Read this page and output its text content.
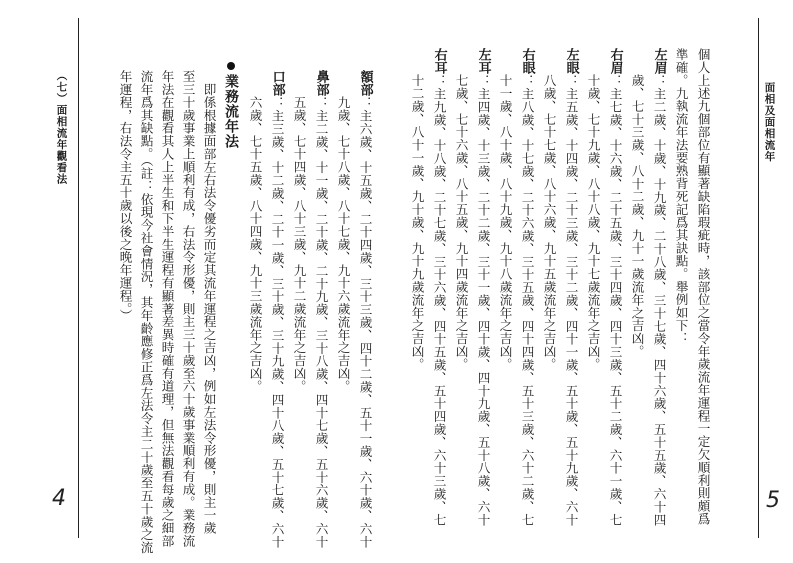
面相及面相流年
5
個人上述九個部位有顯著缺陷瑕疵時，該部位之當令年歲流年運程一定欠順利則頗爲
準確。九執流年法要熟背死記爲其訣點。舉例如下：
左眉：主二歲、十歲、十九歲、二十八歲、三十七歲、四十六歲、五十五歲、六十四
歲、七十三歲、八十二歲、九十一歲流年之吉凶。
右眉：主七歲、十六歲、二十五歲、三十四歲、四十三歲、五十二歲、六十一歲、七
十歲、七十九歲、八十八歲、九十七歲流年之吉凶。
左眼：主五歲、十四歲、二十三歲、三十二歲、四十一歲、五十歲、五十九歲、六十
八歲、七十七歲、八十六歲、九十五歲流年之吉凶。
右眼：主八歲、十七歲、二十六歲、三十五歲、四十四歲、五十三歲、六十二歲、七
十一歲、八十歲、八十九歲、九十八歲流年之吉凶。
左耳：主四歲、十三歲、二十二歲、三十一歲、四十歲、四十九歲、五十八歲、六十
七歲、七十六歲、八十五歲、九十四歲流年之吉凶。
右耳：主九歲、十八歲、二十七歲、三十六歲、四十五歲、五十四歲、六十三歲、七
十二歲、八十一歲、九十歲、九十九歲流年之吉凶。
（七）面相流年觀看法
4
額部：主六歲、十五歲、二十四歲、三十三歲、四十二歲、五十一歲、六十歲、六十
九歲、七十八歲、八十七歲、九十六歲流年之吉凶。
鼻部：主二歲、十一歲、二十歲、二十九歲、三十八歲、四十七歲、五十六歲、六十
五歲、七十四歲、八十三歲、九十二歲流年之吉凶。
口部：主三歲、十二歲、二十一歲、三十歲、三十九歲、四十八歲、五十七歲、六十
六歲、七十五歲、八十四歲、九十三歲流年之吉凶。
業務流年法
　即係根據面部左右法令優劣而定其流年運程之吉凶，例如左法令形優，則主一歲
至三十歲事業上順利有成，右法令形優，則主三十歲至六十歲事業順利有成。業務流
年法在觀看其人上半生和下半生運程有顯著差異時確有道理，但無法觀看每歲之細部
流年爲其缺點。（註：依現今社會情況，其年齡應修正爲左法令主二十歲至五十歲之流
年運程，右法令主五十歲以後之晚年運程。）
